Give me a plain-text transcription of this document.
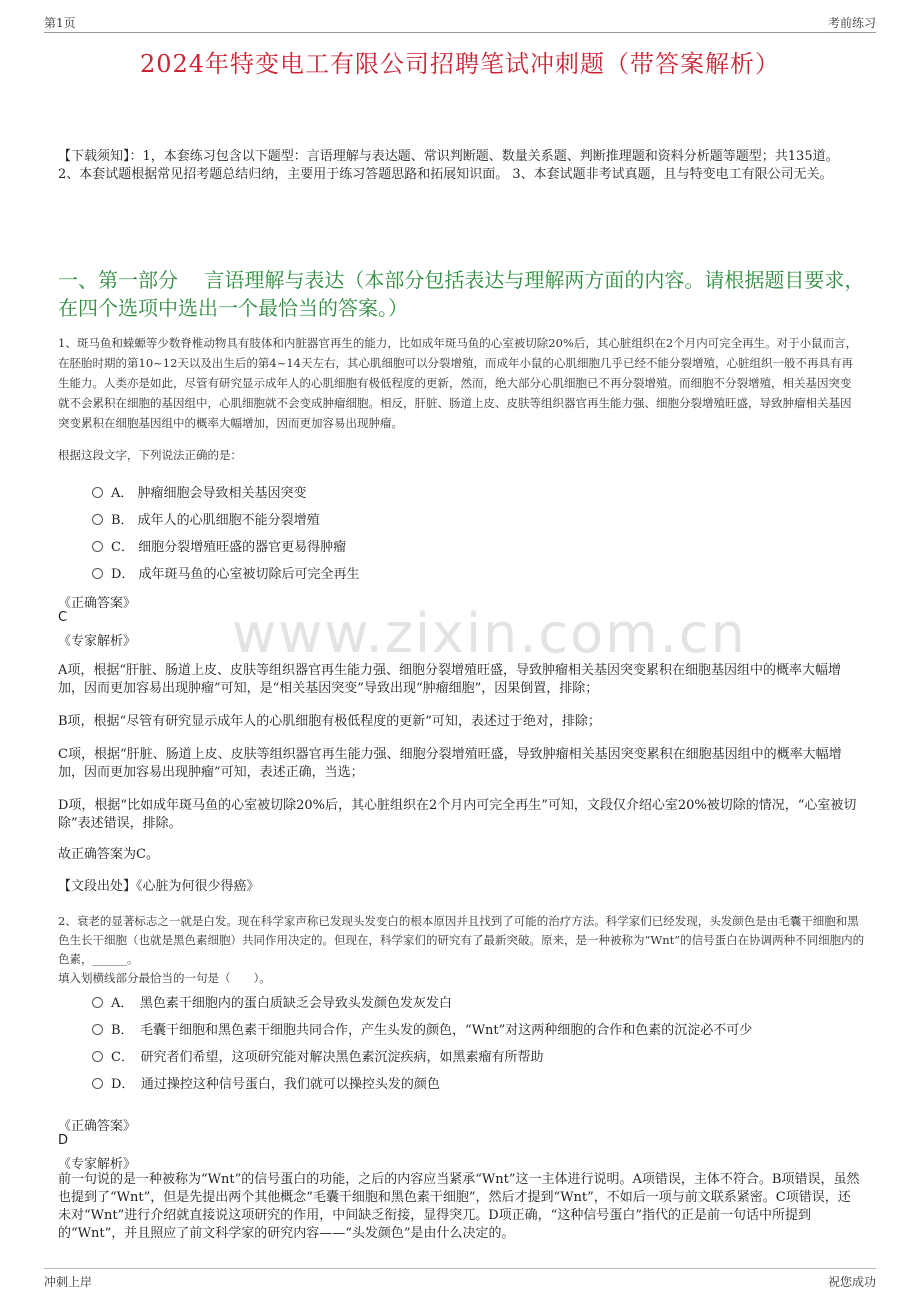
第1页	考前练习
2024年特变电工有限公司招聘笔试冲刺题（带答案解析）
【下载须知】：1，本套练习包含以下题型：言语理解与表达题、常识判断题、数量关系题、判断推理题和资料分析题等题型；共135道。 2、本套试题根据常见招考题总结归纳，主要用于练习答题思路和拓展知识面。 3、本套试题非考试真题，且与特变电工有限公司无关。
一、第一部分　 言语理解与表达（本部分包括表达与理解两方面的内容。请根据题目要求，在四个选项中选出一个最恰当的答案。）
1、斑马鱼和蝾螈等少数脊椎动物具有肢体和内脏器官再生的能力，比如成年斑马鱼的心室被切除20%后，其心脏组织在2个月内可完全再生。对于小鼠而言，在胚胎时期的第10~12天以及出生后的第4~14天左右，其心肌细胞可以分裂增殖，而成年小鼠的心肌细胞几乎已经不能分裂增殖，心脏组织一般不再具有再生能力。人类亦是如此，尽管有研究显示成年人的心肌细胞有极低程度的更新，然而，绝大部分心肌细胞已不再分裂增殖。而细胞不分裂增殖，相关基因突变就不会累积在细胞的基因组中，心肌细胞就不会变成肿瘤细胞。相反，肝脏、肠道上皮、皮肤等组织器官再生能力强、细胞分裂增殖旺盛，导致肿瘤相关基因突变累积在细胞基因组中的概率大幅增加，因而更加容易出现肿瘤。
根据这段文字，下列说法正确的是：
A． 肿瘤细胞会导致相关基因突变
B． 成年人的心肌细胞不能分裂增殖
C． 细胞分裂增殖旺盛的器官更易得肿瘤
D． 成年斑马鱼的心室被切除后可完全再生
《正确答案》
C
《专家解析》 www.zixin.com.cn
A项，根据“肝脏、肠道上皮、皮肤等组织器官再生能力强、细胞分裂增殖旺盛，导致肿瘤相关基因突变累积在细胞基因组中的概率大幅增加，因而更加容易出现肿瘤”可知，是“相关基因突变”导致出现“肿瘤细胞”，因果倒置，排除；
B项，根据“尽管有研究显示成年人的心肌细胞有极低程度的更新”可知，表述过于绝对，排除；
C项，根据“肝脏、肠道上皮、皮肤等组织器官再生能力强、细胞分裂增殖旺盛，导致肿瘤相关基因突变累积在细胞基因组中的概率大幅增加，因而更加容易出现肿瘤”可知，表述正确，当选；
D项，根据“比如成年斑马鱼的心室被切除20%后，其心脏组织在2个月内可完全再生”可知，文段仅介绍心室20%被切除的情况，“心室被切除”表述错误，排除。
故正确答案为C。
【文段出处】《心脏为何很少得癌》
2、衰老的显著标志之一就是白发。现在科学家声称已发现头发变白的根本原因并且找到了可能的治疗方法。科学家们已经发现，头发颜色是由毛囊干细胞和黑色生长干细胞（也就是黑色素细胞）共同作用决定的。但现在，科学家们的研究有了最新突破。原来，是一种被称为“Wnt”的信号蛋白在协调两种不同细胞内的色素，______。
填入划横线部分最恰当的一句是（　　）。
A．　黑色素干细胞内的蛋白质缺乏会导致头发颜色发灰发白
B．　毛囊干细胞和黑色素干细胞共同合作，产生头发的颜色，“Wnt”对这两种细胞的合作和色素的沉淀必不可少
C．　研究者们希望，这项研究能对解决黑色素沉淀疾病，如黑素瘤有所帮助
D．　通过操控这种信号蛋白，我们就可以操控头发的颜色
《正确答案》
D
《专家解析》
前一句说的是一种被称为“Wnt”的信号蛋白的功能，之后的内容应当紧承“Wnt”这一主体进行说明。A项错误，主体不符合。B项错误，虽然也提到了“Wnt”，但是先提出两个其他概念“毛囊干细胞和黑色素干细胞”，然后才提到“Wnt”，不如后一项与前文联系紧密。C项错误，还未对“Wnt”进行介绍就直接说这项研究的作用，中间缺乏衔接，显得突兀。D项正确，“这种信号蛋白”指代的正是前一句话中所提到的“Wnt”，并且照应了前文科学家的研究内容——“头发颜色”是由什么决定的。
冲刺上岸	祝您成功
